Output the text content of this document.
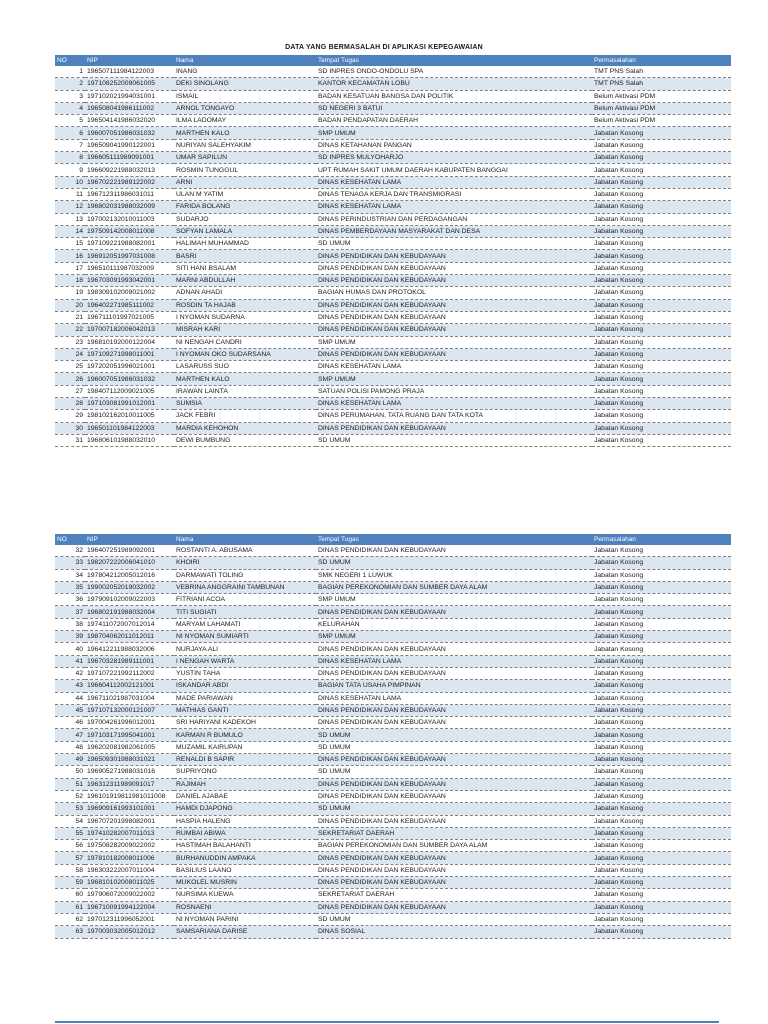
DATA YANG BERMASALAH DI APLIKASI KEPEGAWAIAN
NO	NIP	Nama	Tempat Tugas	Permasalahan
1	196507111984122003	INANG	SD INPRES ONDO-ONDOLU SPA	TMT PNS Salah
2	197108252009061005	DEKI SINOLANG	KANTOR KECAMATAN LOBU	TMT PNS Salah
3	197102021994031001	ISMAIL	BADAN KESATUAN BANGSA DAN POLITIK	Belum Aktivasi PDM
4	196508041986111002	ARNOL TONGAYO	SD NEGERI 3 BATUI	Belum Aktivasi PDM
5	196504141986032020	ILMA LADOMAY	BADAN PENDAPATAN DAERAH	Belum Aktivasi PDM
6	196007051986031032	MARTHEN KALO	SMP UMUM	Jabatan Kosong
7	196509041990122001	NURIYAN SALEHYAKIM	DINAS KETAHANAN PANGAN	Jabatan Kosong
8	196605111989091001	UMAR SAPILUN	SD INPRES MULYOHARJO	Jabatan Kosong
9	196609221988032013	ROSMIN TUNGGUL	UPT RUMAH SAKIT UMUM DAERAH KABUPATEN BANGGAI	Jabatan Kosong
10	196702221989122002	ARNI	DINAS KESEHATAN LAMA	Jabatan Kosong
11	196712311986031011	ULAN M YATIM	DINAS TENAGA KERJA DAN TRANSMIGRASI	Jabatan Kosong
12	196802031988032009	FARIDA BOLANG	DINAS KESEHATAN LAMA	Jabatan Kosong
13	197002132010011003	SUDARJO	DINAS PERINDUSTRIAN DAN PERDAGANGAN	Jabatan Kosong
14	197509142008011008	SOFYAN LAMALA	DINAS PEMBERDAYAAN MASYARAKAT DAN DESA	Jabatan Kosong
15	197109221988082001	HALIMAH MUHAMMAD	SD UMUM	Jabatan Kosong
16	196912051997031008	BASRI	DINAS PENDIDIKAN DAN KEBUDAYAAN	Jabatan Kosong
17	196510111987032009	SITI HANI BSALAM	DINAS PENDIDIKAN DAN KEBUDAYAAN	Jabatan Kosong
18	196703091993042001	MARNI ABDULLAH	DINAS PENDIDIKAN DAN KEBUDAYAAN	Jabatan Kosong
19	198309102009021002	ADNAN AHADI	BAGIAN HUMAS DAN PROTOKOL	Jabatan Kosong
20	196402271985111002	ROSDIN TA HAJAB	DINAS PENDIDIKAN DAN KEBUDAYAAN	Jabatan Kosong
21	196711101997021005	I NYOMAN SUDARNA	DINAS PENDIDIKAN DAN KEBUDAYAAN	Jabatan Kosong
22	197007182006042013	MISRAH KARI	DINAS PENDIDIKAN DAN KEBUDAYAAN	Jabatan Kosong
23	196810192000122004	NI NENGAH CANDRI	SMP UMUM	Jabatan Kosong
24	197109271998011001	I NYOMAN OKO SUDARSANA	DINAS PENDIDIKAN DAN KEBUDAYAAN	Jabatan Kosong
25	197202051996021001	LASARUSS SUO	DINAS KESEHATAN LAMA	Jabatan Kosong
26	196007051986031032	MARTHEN KALO	SMP UMUM	Jabatan Kosong
27	198407112009021005	IRAWAN LAINTA	SATUAN POLISI PAMONG PRAJA	Jabatan Kosong
28	197103081991012001	SUMSIA	DINAS KESEHATAN LAMA	Jabatan Kosong
29	198102162010011005	JACK FEBRI	DINAS PERUMAHAN, TATA RUANG DAN TATA KOTA	Jabatan Kosong
30	196501101984122003	MARDIA KEHOHON	DINAS PENDIDIKAN DAN KEBUDAYAAN	Jabatan Kosong
31	196806101988032010	DEWI BUMBUNG	SD UMUM	Jabatan Kosong
NO	NIP	Nama	Tempat Tugas	Permasalahan
32	196407251989092001	ROSTANTI A. ABUSAMA	DINAS PENDIDIKAN DAN KEBUDAYAAN	Jabatan Kosong
33	198207222006041010	KHOIRI	SD UMUM	Jabatan Kosong
34	197804212005012016	DARMAWATI TOLING	SMK NEGERI 1 LUWUK	Jabatan Kosong
35	199002052019032002	VEBRINA ANGGRAINI TAMBUNAN	BAGIAN PEREKONOMIAN DAN SUMBER DAYA ALAM	Jabatan Kosong
36	197909102009022003	FITRIANI ACOA	SMP UMUM	Jabatan Kosong
37	196802191988032004	TITI SUGIATI	DINAS PENDIDIKAN DAN KEBUDAYAAN	Jabatan Kosong
38	197411072007012014	MARYAM LAHAMATI	KELURAHAN	Jabatan Kosong
39	198704062011012011	NI NYOMAN SUMIARTI	SMP UMUM	Jabatan Kosong
40	196412211988032006	NURJAYA ALI	DINAS PENDIDIKAN DAN KEBUDAYAAN	Jabatan Kosong
41	196703281989111001	I NENGAH WARTA	DINAS KESEHATAN LAMA	Jabatan Kosong
42	197107221992112002	YUSTIN TAHA	DINAS PENDIDIKAN DAN KEBUDAYAAN	Jabatan Kosong
43	196604112002121001	ISKANDAR ABDI	BAGIAN TATA USAHA PIMPINAN	Jabatan Kosong
44	196711021987031004	MADE PARIAWAN	DINAS KESEHATAN LAMA	Jabatan Kosong
45	197107132000121007	MATHIAS GANTI	DINAS PENDIDIKAN DAN KEBUDAYAAN	Jabatan Kosong
46	197004261996012001	SRI HARIYANI KADEKOH	DINAS PENDIDIKAN DAN KEBUDAYAAN	Jabatan Kosong
47	197103171995041001	KARMAN R BUMULO	SD UMUM	Jabatan Kosong
48	196202081982061005	MUZAMIL KAIRUPAN	SD UMUM	Jabatan Kosong
49	196509301988031021	RENALDI B SAPIR	DINAS PENDIDIKAN DAN KEBUDAYAAN	Jabatan Kosong
50	196905271988031016	SUPRIYONO	SD UMUM	Jabatan Kosong
51	196312311989091017	RAJIMAH	DINAS PENDIDIKAN DAN KEBUDAYAAN	Jabatan Kosong
52	196101919811981011008	DANIEL AJABAE	DINAS PENDIDIKAN DAN KEBUDAYAAN	Jabatan Kosong
53	196909161993101001	HAMDI DJAPONG	SD UMUM	Jabatan Kosong
54	196707201998082001	HASPIA HALENG	DINAS PENDIDIKAN DAN KEBUDAYAAN	Jabatan Kosong
55	197410282007011013	RUMBAI ABIWA	SEKRETARIAT DAERAH	Jabatan Kosong
56	197508282009022002	HASTIMAH BALAHANTI	BAGIAN PEREKONOMIAN DAN SUMBER DAYA ALAM	Jabatan Kosong
57	197810182008011006	BURHANUDDIN AMPAKA	DINAS PENDIDIKAN DAN KEBUDAYAAN	Jabatan Kosong
58	196303222007011004	BASILIUS LAANO	DINAS PENDIDIKAN DAN KEBUDAYAAN	Jabatan Kosong
59	196810102008011025	MUKOLEL MUSRIN	DINAS PENDIDIKAN DAN KEBUDAYAAN	Jabatan Kosong
60	197906072009022002	NURSIMA KUEWA	SEKRETARIAT DAERAH	Jabatan Kosong
61	196710091994122004	ROSNAENI	DINAS PENDIDIKAN DAN KEBUDAYAAN	Jabatan Kosong
62	197012311996052001	NI NYOMAN PARINI	SD UMUM	Jabatan Kosong
63	197003032005012012	SAMSARIANA DARISE	DINAS SOSIAL	Jabatan Kosong
